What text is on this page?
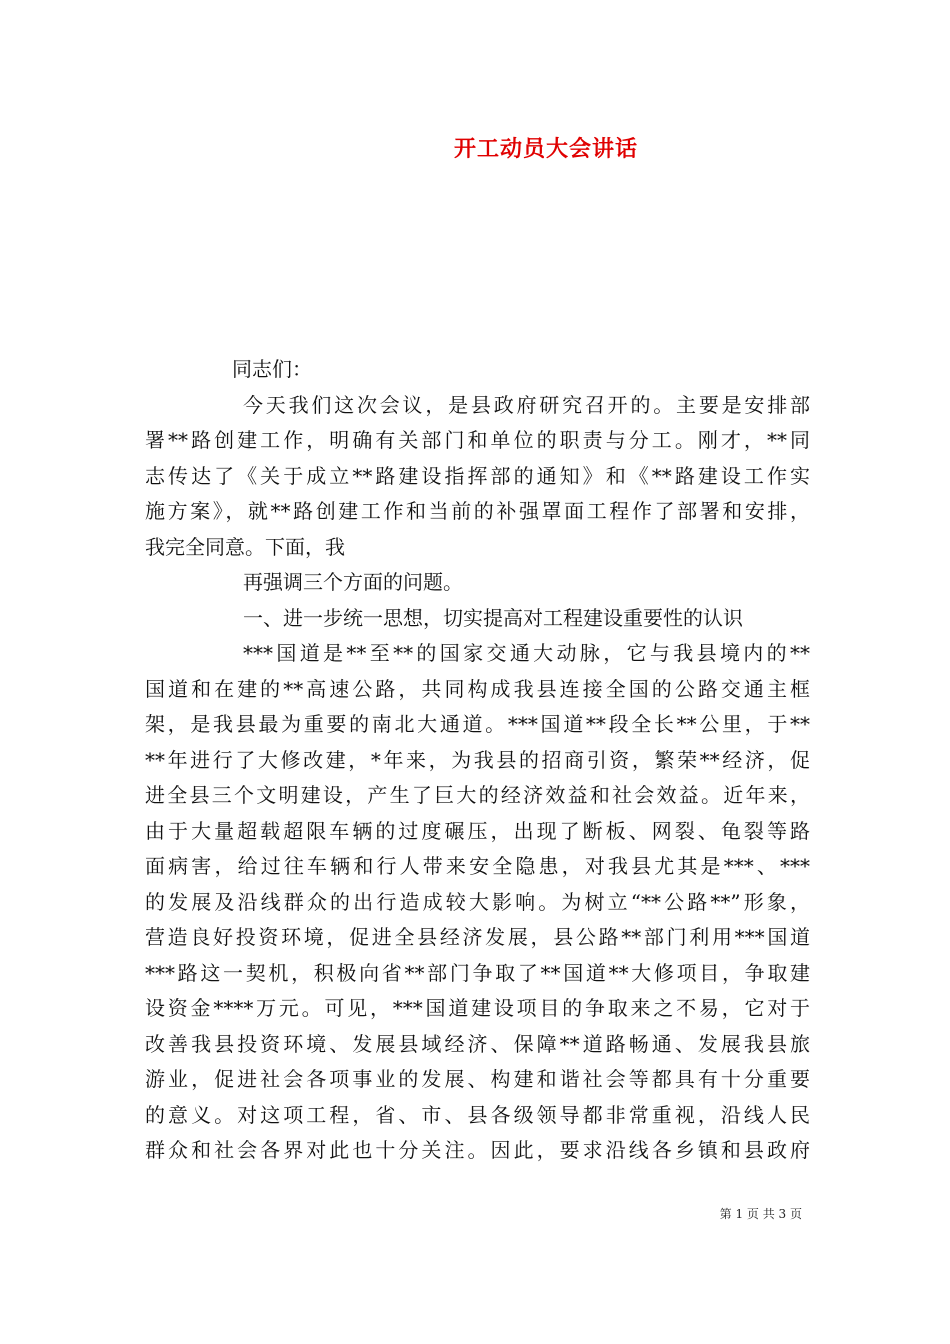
开工动员大会讲话
同志们：
今天我们这次会议，是县政府研究召开的。主要是安排部
署**路创建工作，明确有关部门和单位的职责与分工。刚才，**同
志传达了《关于成立**路建设指挥部的通知》和《**路建设工作实
施方案》，就**路创建工作和当前的补强罩面工程作了部署和安排，
我完全同意。下面，我
再强调三个方面的问题。
一、进一步统一思想，切实提高对工程建设重要性的认识
***国道是**至**的国家交通大动脉，它与我县境内的**
国道和在建的**高速公路，共同构成我县连接全国的公路交通主框
架，是我县最为重要的南北大通道。***国道**段全长**公里，于**
**年进行了大修改建，*年来，为我县的招商引资，繁荣**经济，促
进全县三个文明建设，产生了巨大的经济效益和社会效益。近年来，
由于大量超载超限车辆的过度碾压，出现了断板、网裂、龟裂等路
面病害，给过往车辆和行人带来安全隐患，对我县尤其是***、***
的发展及沿线群众的出行造成较大影响。为树立“**公路**”形象，
营造良好投资环境，促进全县经济发展，县公路**部门利用***国道
***路这一契机，积极向省**部门争取了**国道**大修项目，争取建
设资金****万元。可见，***国道建设项目的争取来之不易，它对于
改善我县投资环境、发展县域经济、保障**道路畅通、发展我县旅
游业，促进社会各项事业的发展、构建和谐社会等都具有十分重要
的意义。对这项工程，省、市、县各级领导都非常重视，沿线人民
群众和社会各界对此也十分关注。因此，要求沿线各乡镇和县政府
第 1 页 共 3 页
